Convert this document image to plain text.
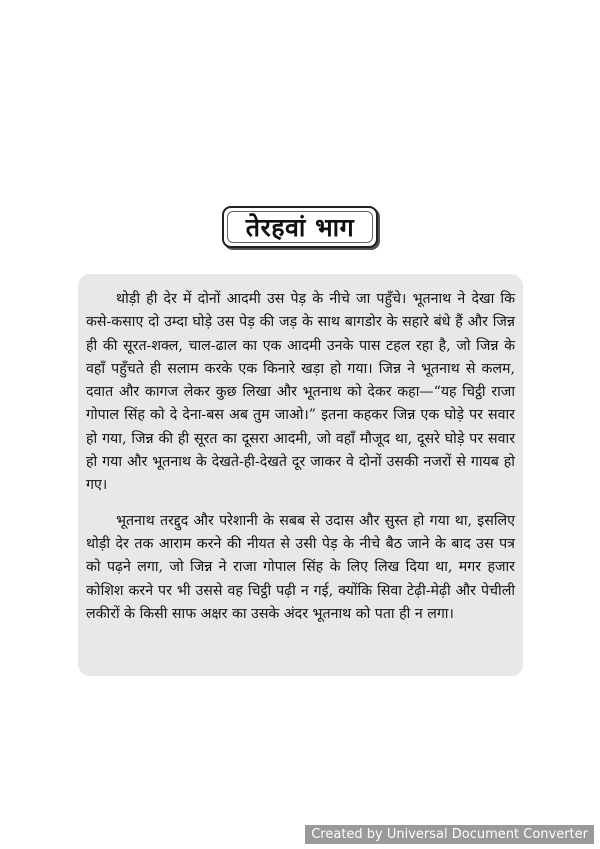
तेरहवां भाग

थोड़ी ही देर में दोनों आदमी उस पेड़ के नीचे जा पहुँचे। भूतनाथ ने देखा कि कसे-कसाए दो उम्दा घोड़े उस पेड़ की जड़ के साथ बागडोर के सहारे बंधे हैं और जिन्न ही की सूरत-शक्ल, चाल-ढाल का एक आदमी उनके पास टहल रहा है, जो जिन्न के वहाँ पहुँचते ही सलाम करके एक किनारे खड़ा हो गया। जिन्न ने भूतनाथ से कलम, दवात और कागज लेकर कुछ लिखा और भूतनाथ को देकर कहा—“यह चिट्ठी राजा गोपाल सिंह को दे देना-बस अब तुम जाओ।” इतना कहकर जिन्न एक घोड़े पर सवार हो गया, जिन्न की ही सूरत का दूसरा आदमी, जो वहाँ मौजूद था, दूसरे घोड़े पर सवार हो गया और भूतनाथ के देखते-ही-देखते दूर जाकर वे दोनों उसकी नजरों से गायब हो गए।

भूतनाथ तरद्दुद और परेशानी के सबब से उदास और सुस्त हो गया था, इसलिए थोड़ी देर तक आराम करने की नीयत से उसी पेड़ के नीचे बैठ जाने के बाद उस पत्र को पढ़ने लगा, जो जिन्न ने राजा गोपाल सिंह के लिए लिख दिया था, मगर हजार कोशिश करने पर भी उससे वह चिट्ठी पढ़ी न गई, क्योंकि सिवा टेढ़ी-मेढ़ी और पेचीली लकीरों के किसी साफ अक्षर का उसके अंदर भूतनाथ को पता ही न लगा।

Created by Universal Document Converter
